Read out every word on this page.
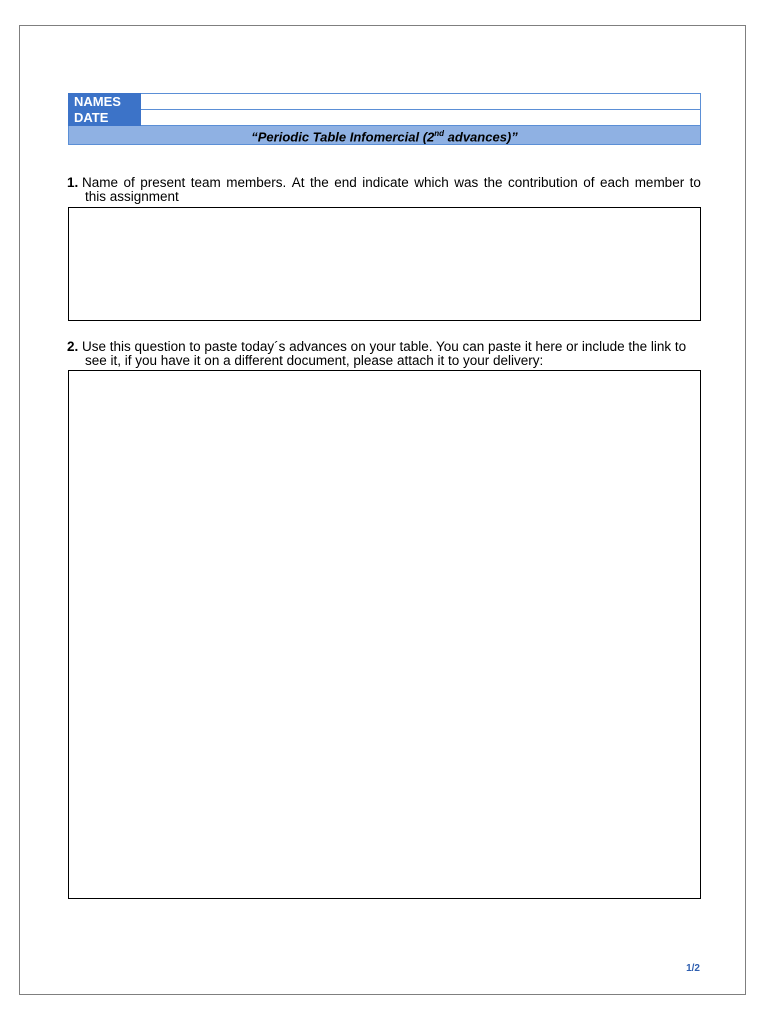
NAMES	
DATE	
“Periodic Table Infomercial (2nd advances)”	
1. Name of present team members. At the end indicate which was the contribution of each member to
this assignment
2. Use this question to paste today´s advances on your table. You can paste it here or include the link to
see it, if you have it on a different document, please attach it to your delivery:
1/2
